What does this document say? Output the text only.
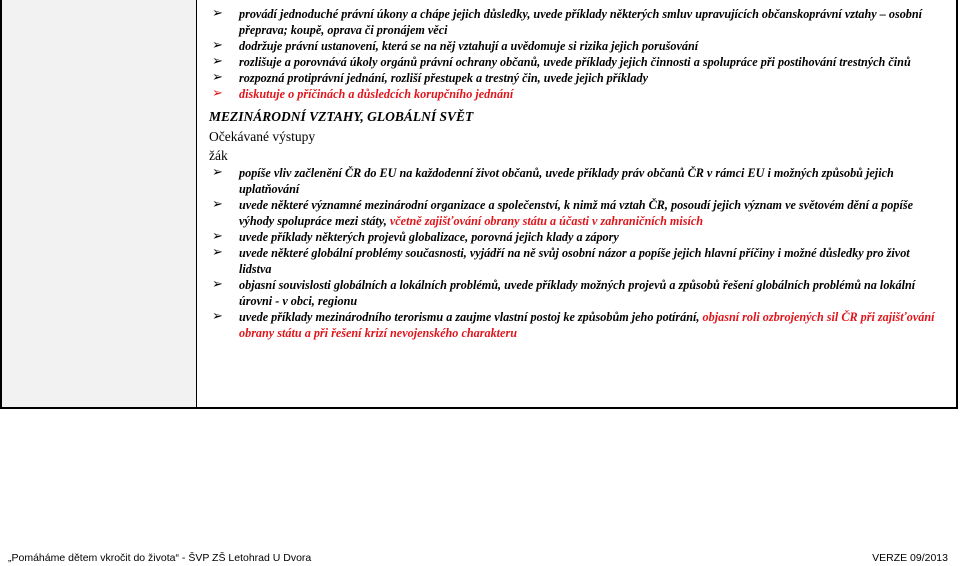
➢ provádí jednoduché právní úkony a chápe jejich důsledky, uvede příklady některých smluv upravujících občanskoprávní vztahy – osobní přeprava; koupě, oprava či pronájem věci
➢ dodržuje právní ustanovení, která se na něj vztahují a uvědomuje si rizika jejich porušování
➢ rozlišuje a porovnává úkoly orgánů právní ochrany občanů, uvede příklady jejich činnosti a spolupráce při postihování trestných činů
➢ rozpozná protiprávní jednání, rozliší přestupek a trestný čin, uvede jejich příklady
➢ diskutuje o příčinách a důsledcích korupčního jednání
MEZINÁRODNÍ VZTAHY, GLOBÁLNÍ SVĚT
Očekávané výstupy
žák
➢ popíše vliv začlenění ČR do EU na každodenní život občanů, uvede příklady práv občanů ČR v rámci EU i možných způsobů jejich uplatňování
➢ uvede některé významné mezinárodní organizace a společenství, k nimž má vztah ČR, posoudí jejich význam ve světovém dění a popíše výhody spolupráce mezi státy, včetně zajišťování obrany státu a účasti v zahraničních misích
➢ uvede příklady některých projevů globalizace, porovná jejich klady a zápory
➢ uvede některé globální problémy současnosti, vyjádří na ně svůj osobní názor a popíše jejich hlavní příčiny i možné důsledky pro život lidstva
➢ objasní souvislosti globálních a lokálních problémů, uvede příklady možných projevů a způsobů řešení globálních problémů na lokální úrovni - v obci, regionu
➢ uvede příklady mezinárodního terorismu a zaujme vlastní postoj ke způsobům jeho potírání, objasní roli ozbrojených sil ČR při zajišťování obrany státu a při řešení krizí nevojenského charakteru
„Pomáháme dětem vkročit do života“ - ŠVP ZŠ Letohrad U Dvora	VERZE 09/2013
